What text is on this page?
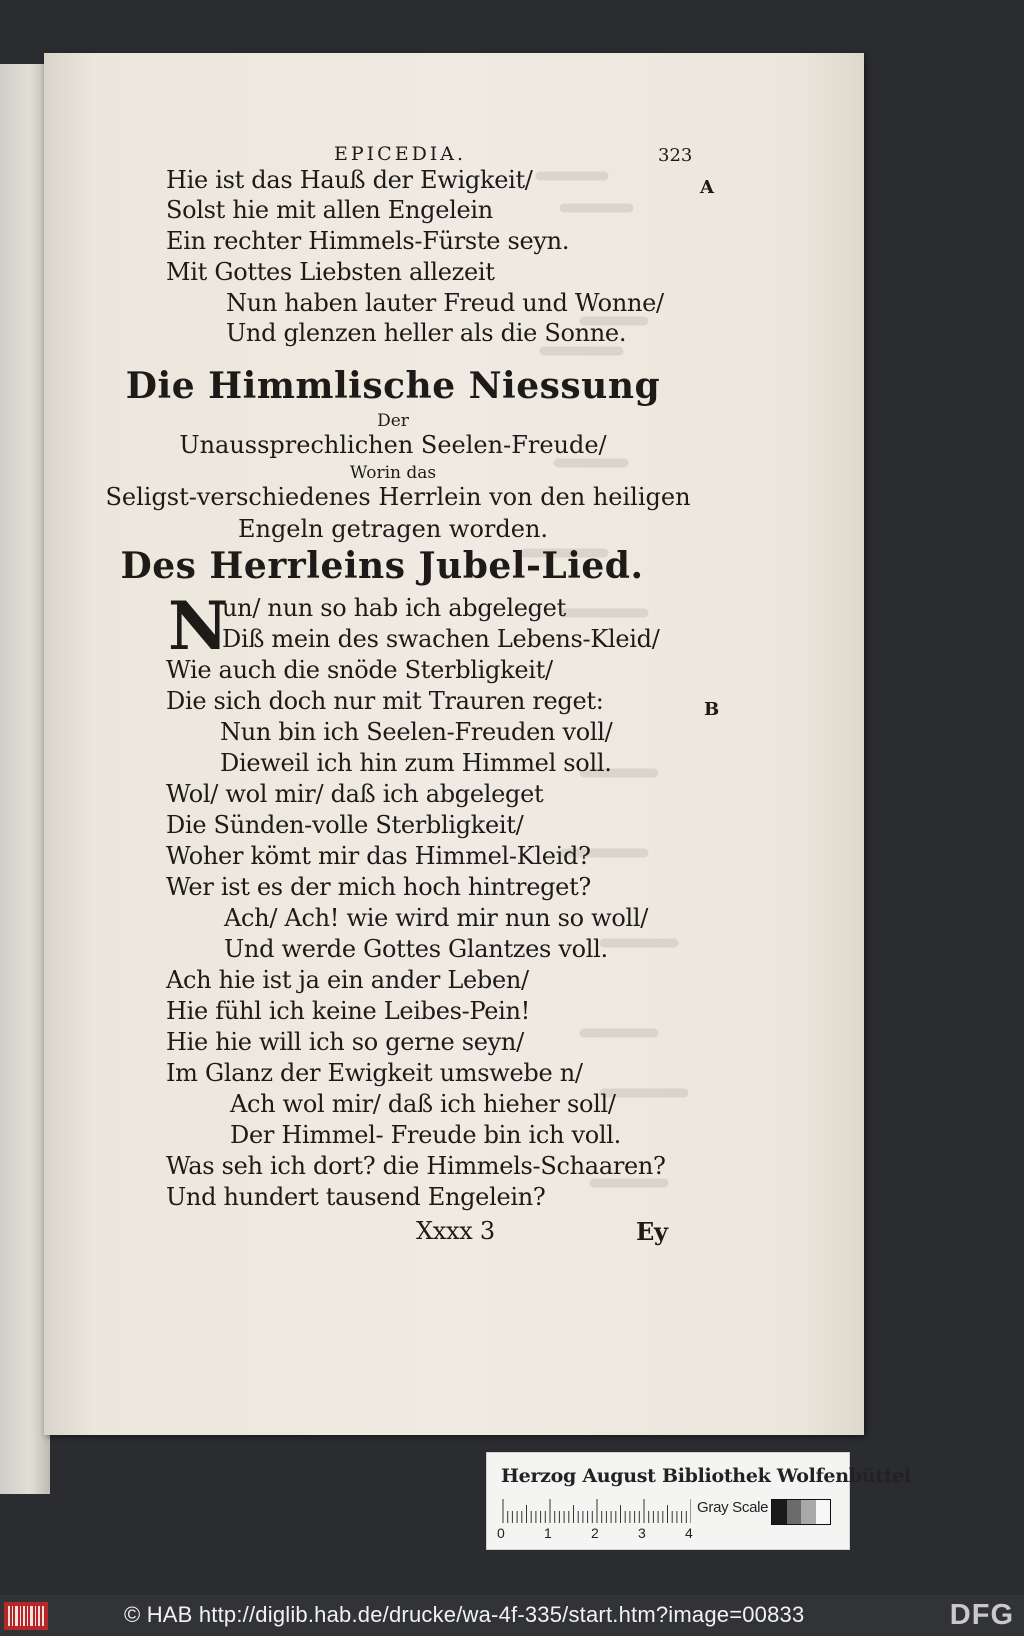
EPICEDIA.	323
A
B
Hie ist das Hauß der Ewigkeit/
Solst hie mit allen Engelein
Ein rechter Himmels-Fürste seyn.
Mit Gottes Liebsten allezeit
Nun haben lauter Freud und Wonne/
Und glenzen heller als die Sonne.
Die Himmlische Niessung
Der
Unaussprechlichen Seelen-Freude/
Worin das
Seligst-verschiedenes Herrlein von den heiligen
Engeln getragen worden.
Des Herrleins Jubel-Lied.
N
un/ nun so hab ich abgeleget
Diß mein des swachen Lebens-Kleid/
Wie auch die snöde Sterbligkeit/
Die sich doch nur mit Trauren reget:
Nun bin ich Seelen-Freuden voll/
Dieweil ich hin zum Himmel soll.
Wol/ wol mir/ daß ich abgeleget
Die Sünden-volle Sterbligkeit/
Woher kömt mir das Himmel-Kleid?
Wer ist es der mich hoch hintreget?
Ach/ Ach! wie wird mir nun so woll/
Und werde Gottes Glantzes voll.
Ach hie ist ja ein ander Leben/
Hie fühl ich keine Leibes-Pein!
Hie hie will ich so gerne seyn/
Im Glanz der Ewigkeit umswebe n/
Ach wol mir/ daß ich hieher soll/
Der Himmel- Freude bin ich voll.
Was seh ich dort? die Himmels-Schaaren?
Und hundert tausend Engelein?
Xxxx 3	Ey
Herzog August Bibliothek Wolfenbüttel
0	1	2	3	4
Gray Scale
© HAB http://diglib.hab.de/drucke/wa-4f-335/start.htm?image=00833	DFG
